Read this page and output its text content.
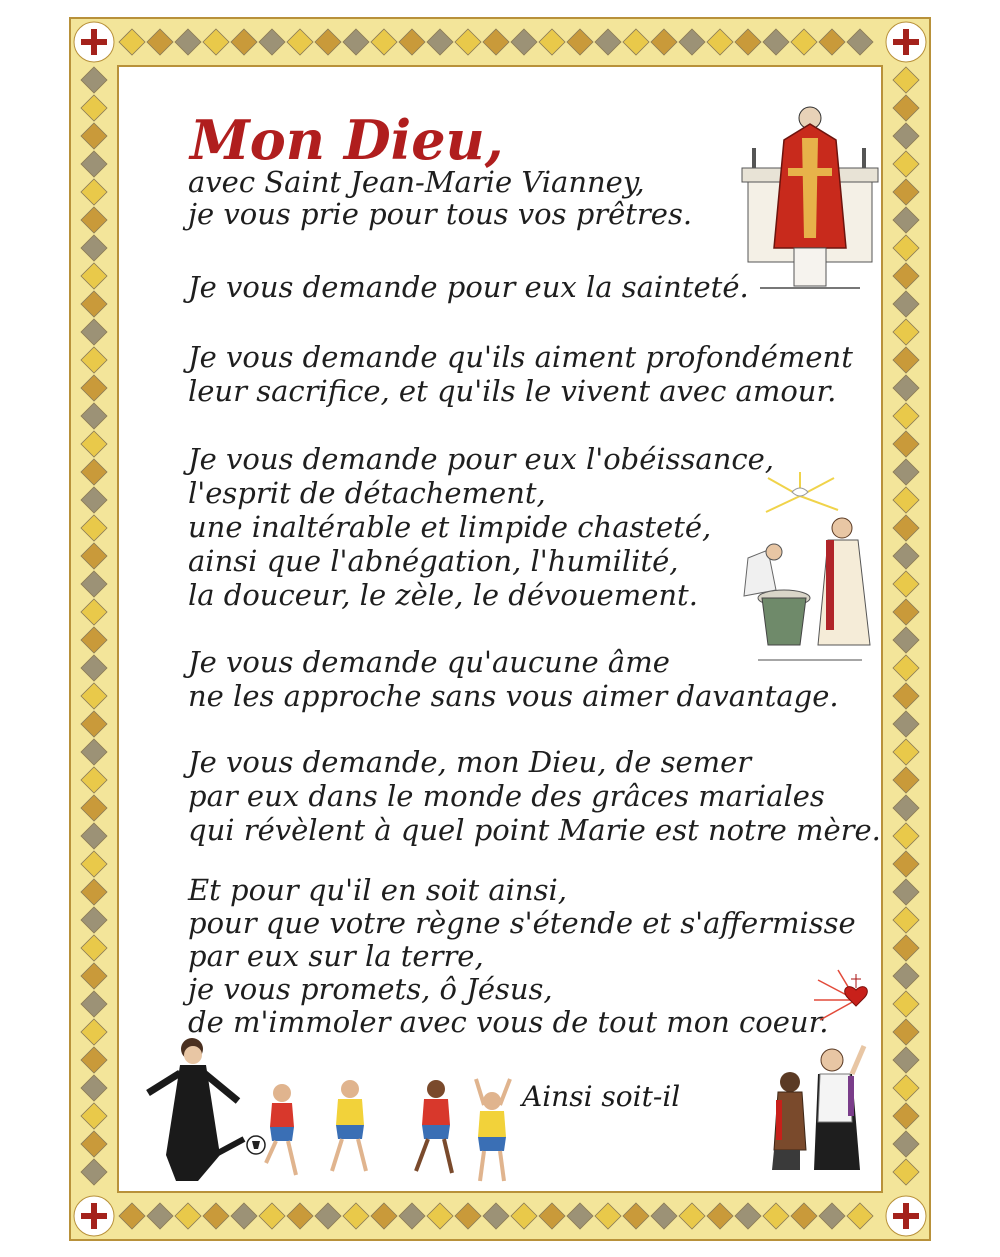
Mon Dieu,
avec Saint Jean-Marie Vianney,
je vous prie pour tous vos prêtres.
Je vous demande pour eux la sainteté.
Je vous demande qu'ils aiment profondément
leur sacrifice, et qu'ils le vivent avec amour.
Je vous demande pour eux l'obéissance,
l'esprit de détachement,
une inaltérable et limpide chasteté,
ainsi que l'abnégation, l'humilité,
la douceur, le zèle, le dévouement.
Je vous demande qu'aucune âme
ne les approche sans vous aimer davantage.
Je vous demande, mon Dieu, de semer
par eux dans le monde des grâces mariales
qui révèlent à quel point Marie est notre mère.
Et pour qu'il en soit ainsi,
pour que votre règne s'étende et s'affermisse
par eux sur la terre,
je vous promets, ô Jésus,
de m'immoler avec vous de tout mon coeur.
Ainsi soit-il
